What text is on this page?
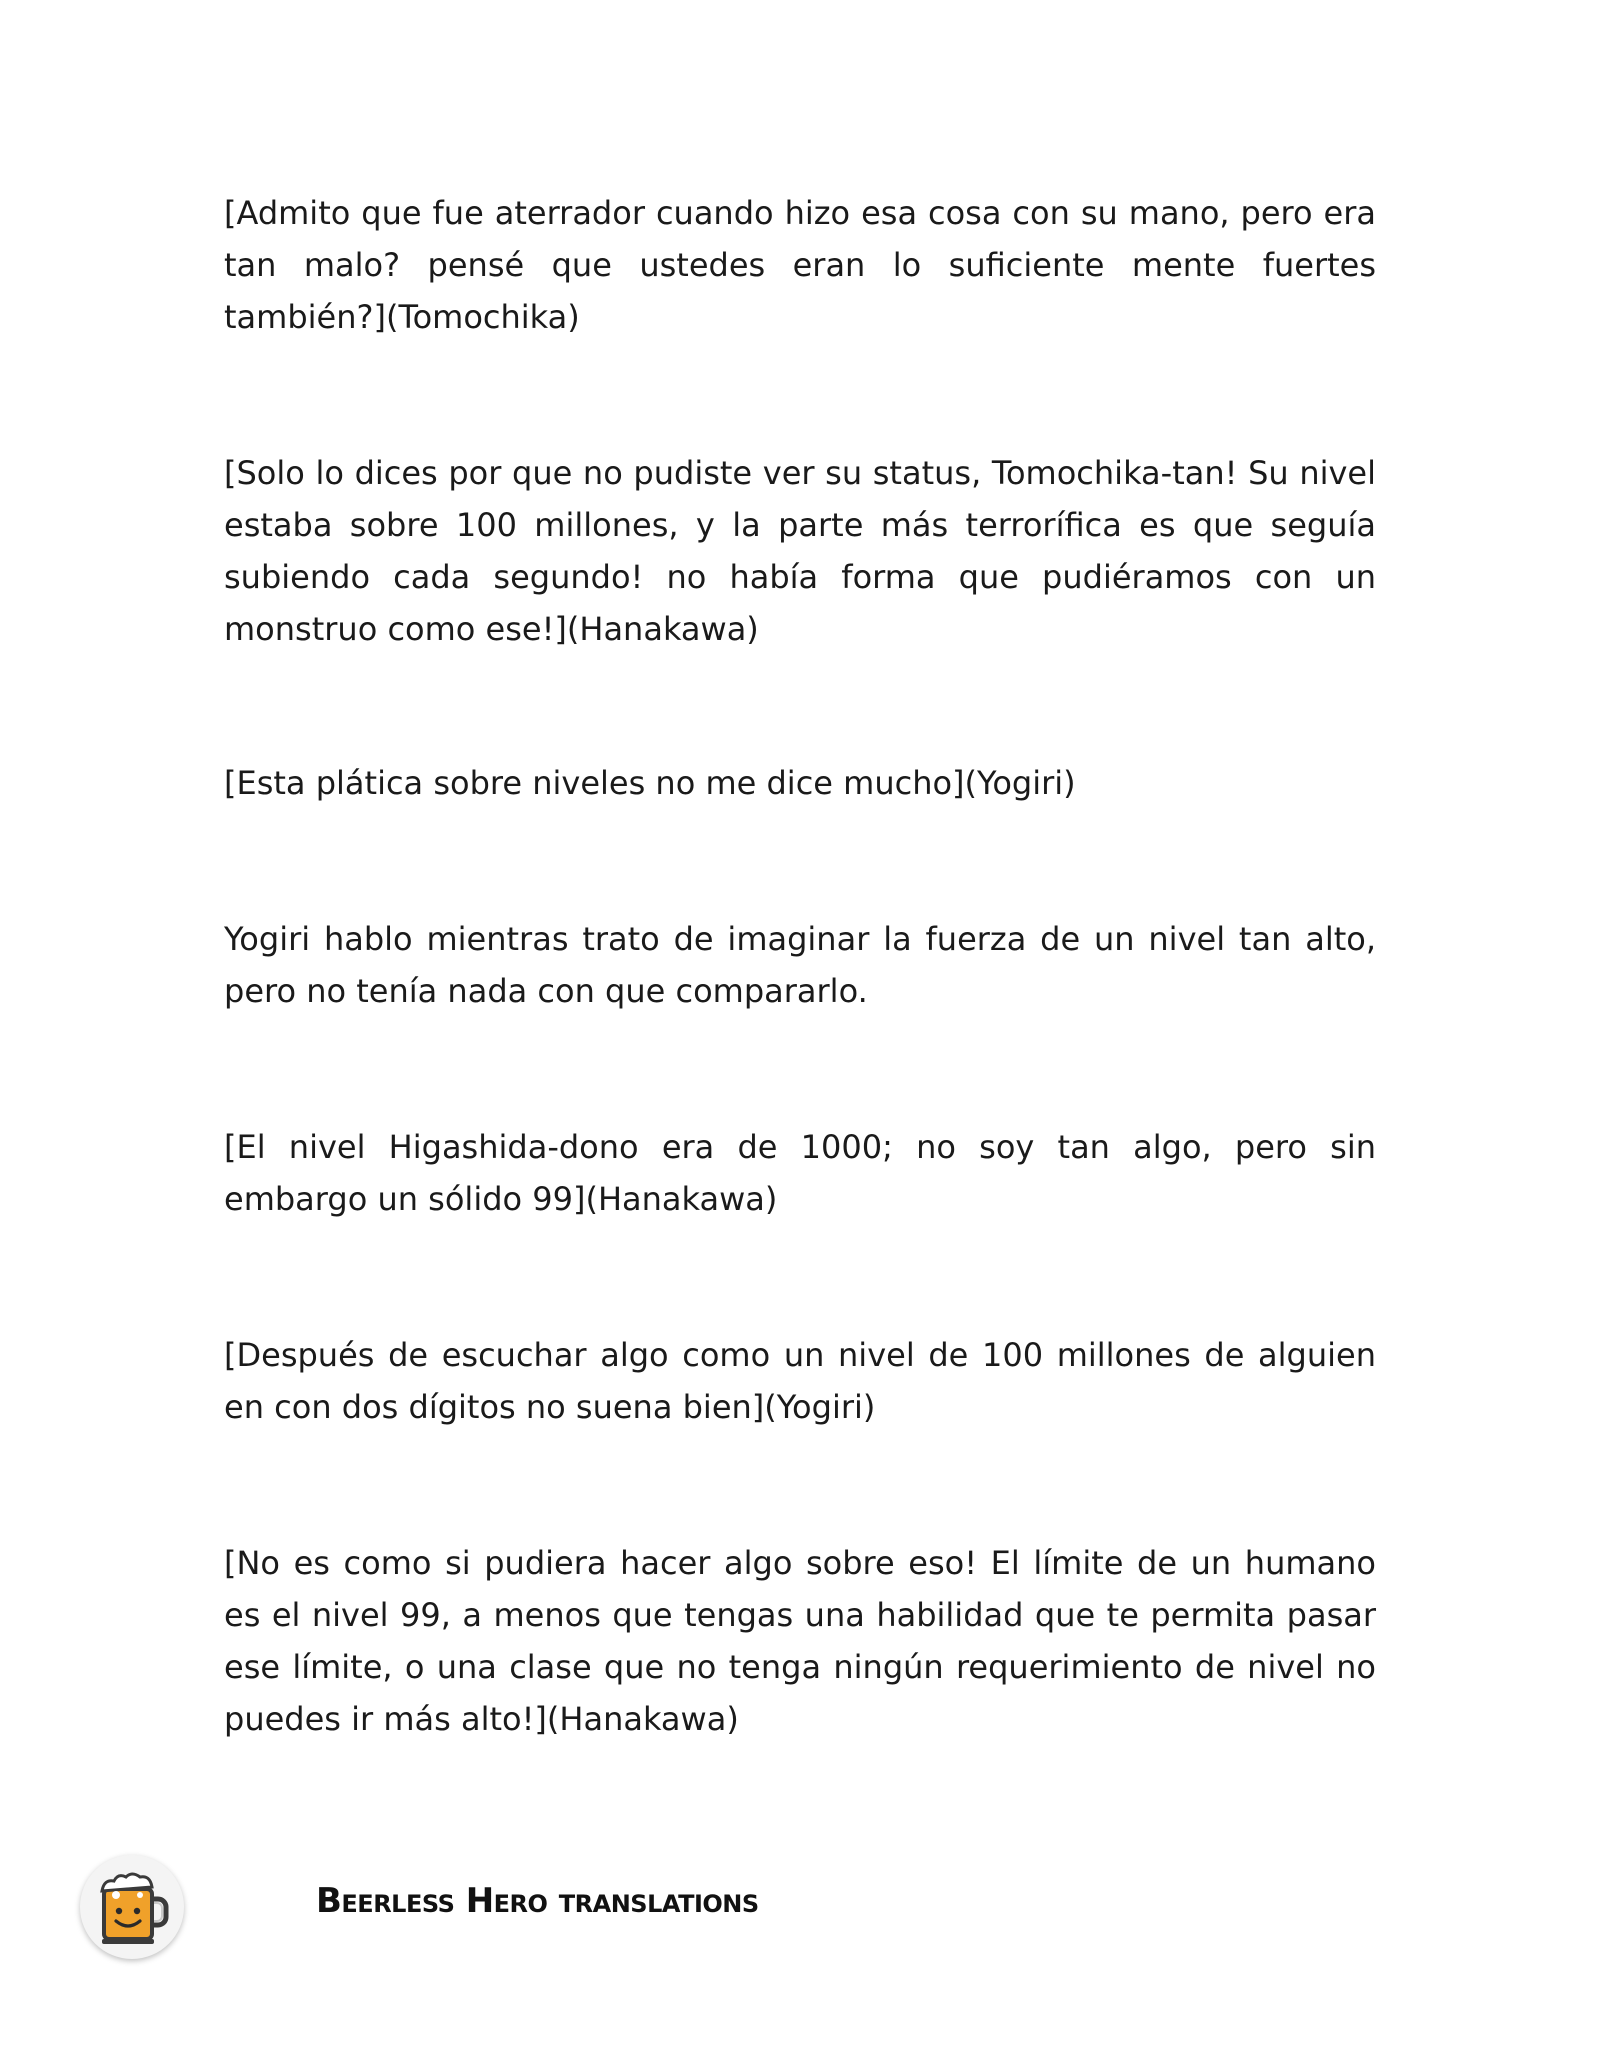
[Admito que fue aterrador cuando hizo esa cosa con su mano, pero era tan malo? pensé que ustedes eran lo suficiente mente fuertes también?](Tomochika)

[Solo lo dices por que no pudiste ver su status, Tomochika-tan! Su nivel estaba sobre 100 millones, y la parte más terrorífica es que seguía subiendo cada segundo! no había forma que pudiéramos con un monstruo como ese!](Hanakawa)

[Esta plática sobre niveles no me dice mucho](Yogiri)

Yogiri hablo mientras trato de imaginar la fuerza de un nivel tan alto, pero no tenía nada con que compararlo.

[El nivel Higashida-dono era de 1000; no soy tan algo, pero sin embargo un sólido 99](Hanakawa)

[Después de escuchar algo como un nivel de 100 millones de alguien en con dos dígitos no suena bien](Yogiri)

[No es como si pudiera hacer algo sobre eso! El límite de un humano es el nivel 99, a menos que tengas una habilidad que te permita pasar ese límite, o una clase que no tenga ningún requerimiento de nivel no puedes ir más alto!](Hanakawa)

Beerless Hero translations
